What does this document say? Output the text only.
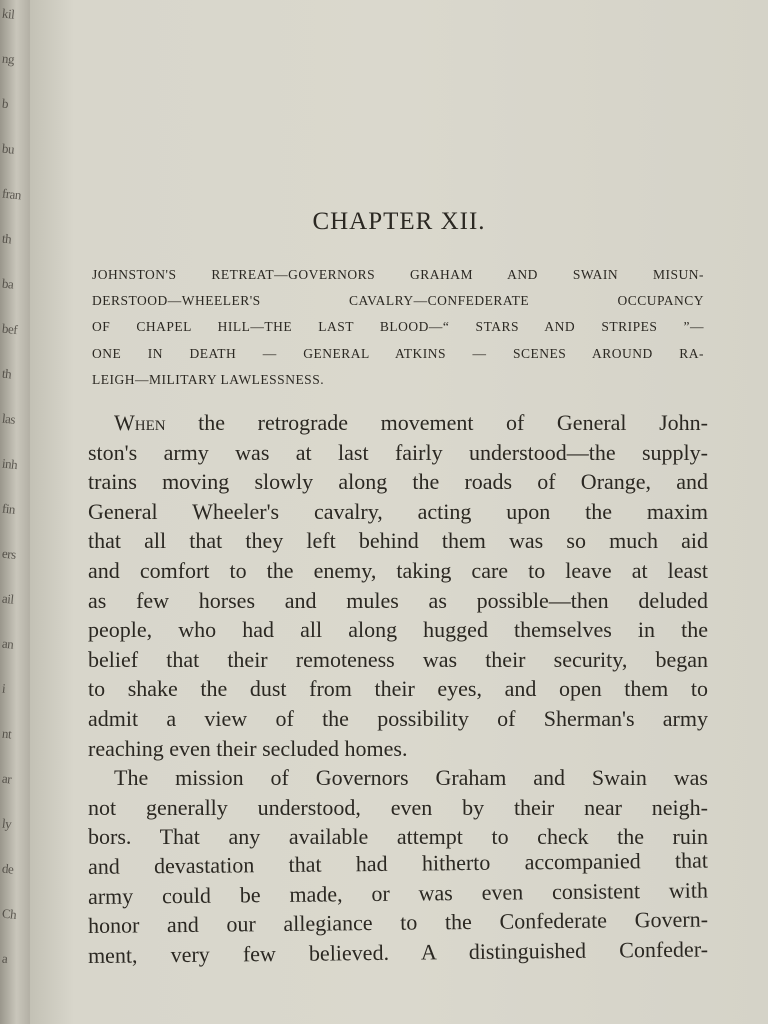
kil
ng
b
bu
fran
th
ba
bef
th
las
inh
fin
ers
ail
an
i
nt
ar
ly
de
Ch
a
CHAPTER XII.
JOHNSTON'S RETREAT—GOVERNORS GRAHAM AND SWAIN MISUN-
DERSTOOD—WHEELER'S CAVALRY—CONFEDERATE OCCUPANCY
OF CHAPEL HILL—THE LAST BLOOD—“ STARS AND STRIPES ”—
ONE IN DEATH — GENERAL ATKINS — SCENES AROUND RA-
LEIGH—MILITARY LAWLESSNESS.
When the retrograde movement of General John-
ston's army was at last fairly understood—the supply-
trains moving slowly along the roads of Orange, and
General Wheeler's cavalry, acting upon the maxim
that all that they left behind them was so much aid
and comfort to the enemy, taking care to leave at least
as few horses and mules as possible—then deluded
people, who had all along hugged themselves in the
belief that their remoteness was their security, began
to shake the dust from their eyes, and open them to
admit a view of the possibility of Sherman's army
reaching even their secluded homes.
The mission of Governors Graham and Swain was
not generally understood, even by their near neigh-
bors. That any available attempt to check the ruin
and devastation that had hitherto accompanied that
army could be made, or was even consistent with
honor and our allegiance to the Confederate Govern-
ment, very few believed. A distinguished Confeder-
